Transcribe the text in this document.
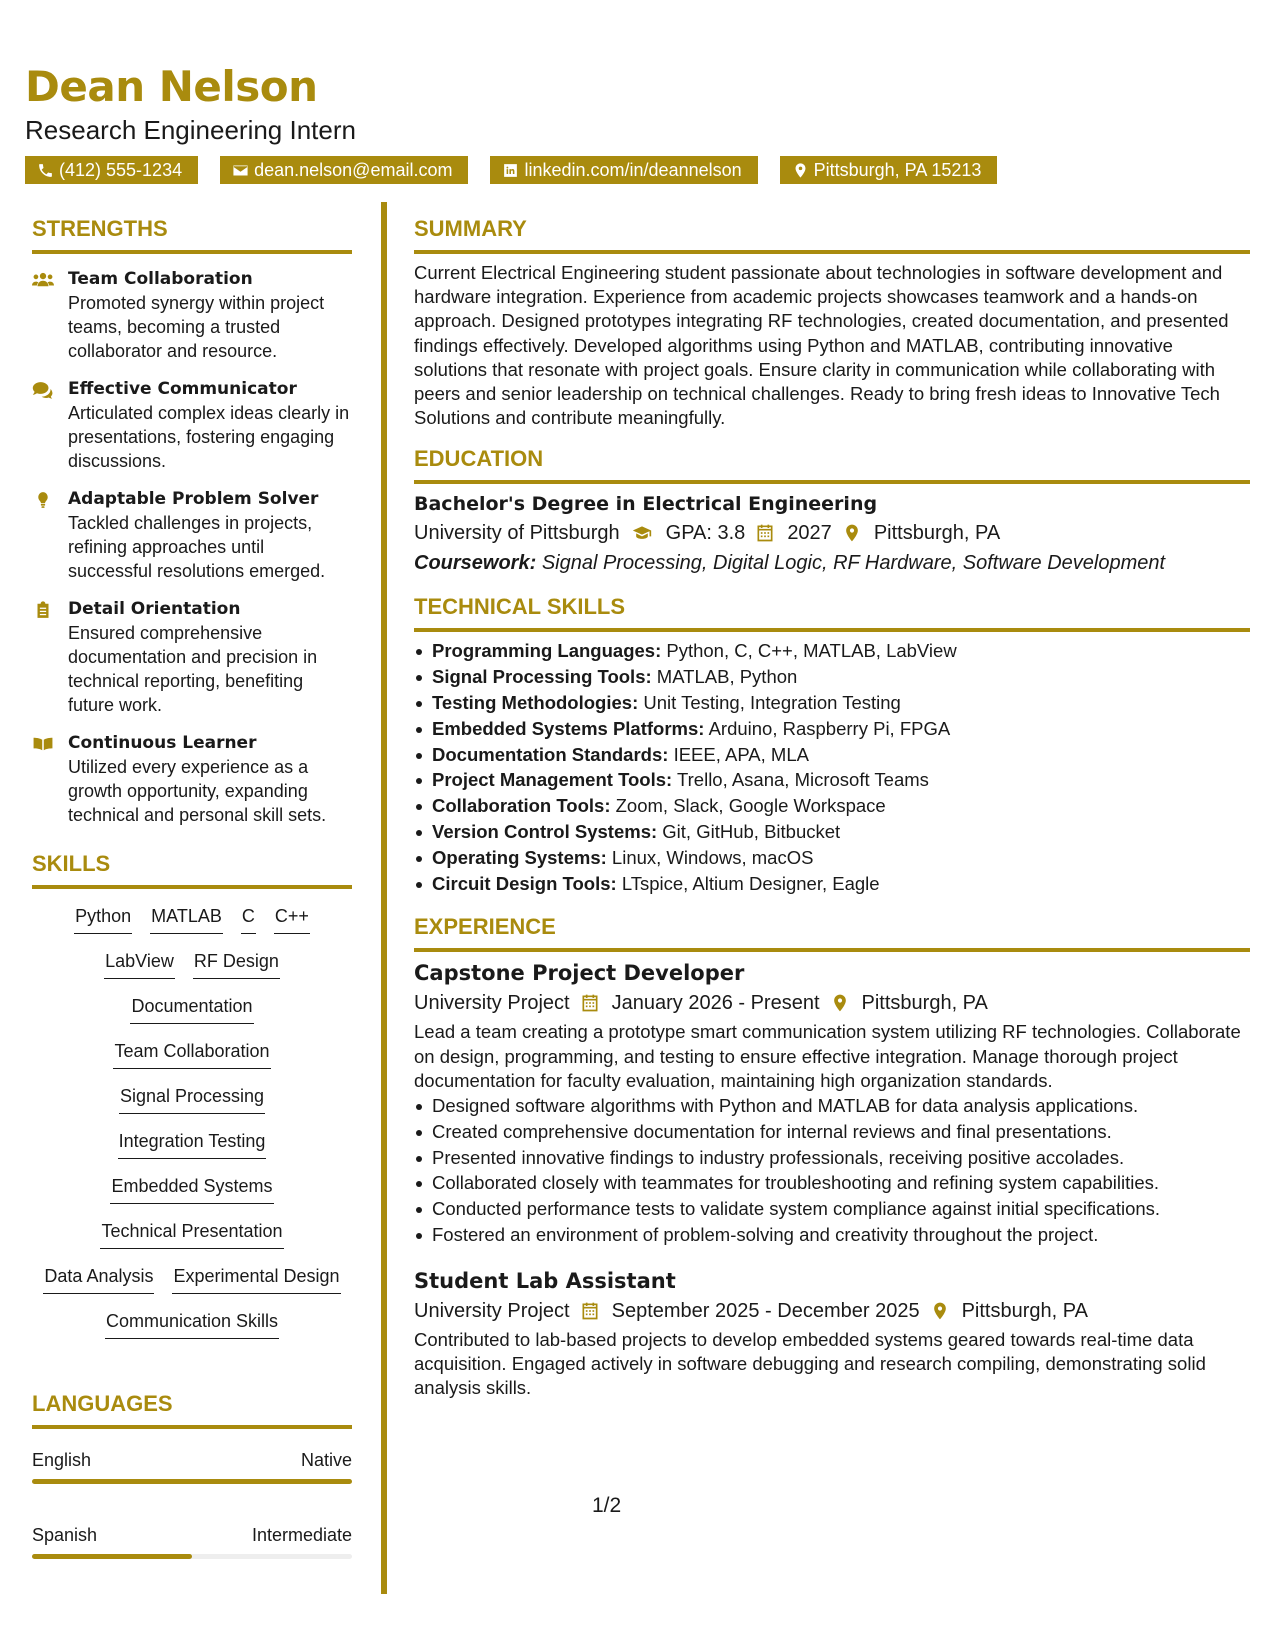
Dean Nelson
Research Engineering Intern
(412) 555-1234	dean.nelson@email.com	linkedin.com/in/deannelson	Pittsburgh, PA 15213
STRENGTHS
Team Collaboration
Promoted synergy within project teams, becoming a trusted collaborator and resource.
Effective Communicator
Articulated complex ideas clearly in presentations, fostering engaging discussions.
Adaptable Problem Solver
Tackled challenges in projects, refining approaches until successful resolutions emerged.
Detail Orientation
Ensured comprehensive documentation and precision in technical reporting, benefiting future work.
Continuous Learner
Utilized every experience as a growth opportunity, expanding technical and personal skill sets.
SKILLS
Python MATLAB C C++
LabView RF Design
Documentation
Team Collaboration
Signal Processing
Integration Testing
Embedded Systems
Technical Presentation
Data Analysis Experimental Design
Communication Skills
LANGUAGES
English	Native
Spanish	Intermediate
SUMMARY
Current Electrical Engineering student passionate about technologies in software development and hardware integration. Experience from academic projects showcases teamwork and a hands-on approach. Designed prototypes integrating RF technologies, created documentation, and presented findings effectively. Developed algorithms using Python and MATLAB, contributing innovative solutions that resonate with project goals. Ensure clarity in communication while collaborating with peers and senior leadership on technical challenges. Ready to bring fresh ideas to Innovative Tech Solutions and contribute meaningfully.
EDUCATION
Bachelor's Degree in Electrical Engineering
University of Pittsburgh GPA: 3.8 2027 Pittsburgh, PA
Coursework: Signal Processing, Digital Logic, RF Hardware, Software Development
TECHNICAL SKILLS
Programming Languages: Python, C, C++, MATLAB, LabView
Signal Processing Tools: MATLAB, Python
Testing Methodologies: Unit Testing, Integration Testing
Embedded Systems Platforms: Arduino, Raspberry Pi, FPGA
Documentation Standards: IEEE, APA, MLA
Project Management Tools: Trello, Asana, Microsoft Teams
Collaboration Tools: Zoom, Slack, Google Workspace
Version Control Systems: Git, GitHub, Bitbucket
Operating Systems: Linux, Windows, macOS
Circuit Design Tools: LTspice, Altium Designer, Eagle
EXPERIENCE
Capstone Project Developer
University Project January 2026 - Present Pittsburgh, PA
Lead a team creating a prototype smart communication system utilizing RF technologies. Collaborate on design, programming, and testing to ensure effective integration. Manage thorough project documentation for faculty evaluation, maintaining high organization standards.
Designed software algorithms with Python and MATLAB for data analysis applications.
Created comprehensive documentation for internal reviews and final presentations.
Presented innovative findings to industry professionals, receiving positive accolades.
Collaborated closely with teammates for troubleshooting and refining system capabilities.
Conducted performance tests to validate system compliance against initial specifications.
Fostered an environment of problem-solving and creativity throughout the project.
Student Lab Assistant
University Project September 2025 - December 2025 Pittsburgh, PA
Contributed to lab-based projects to develop embedded systems geared towards real-time data acquisition. Engaged actively in software debugging and research compiling, demonstrating solid analysis skills.
1/2
